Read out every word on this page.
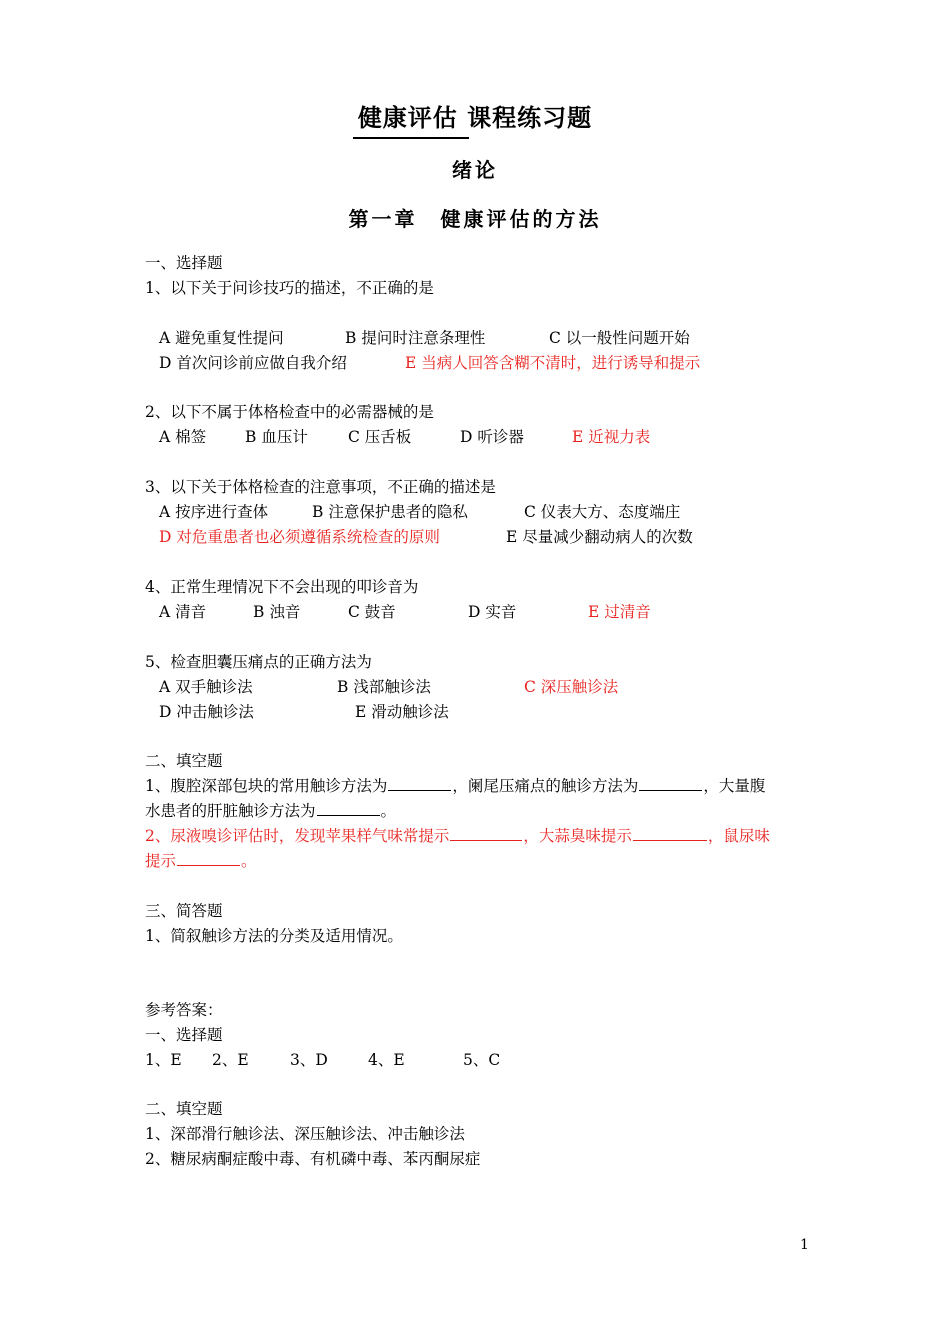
健康评估 课程练习题
绪论
第一章　健康评估的方法
一、选择题
1、以下关于问诊技巧的描述，不正确的是
A 避免重复性提问	B 提问时注意条理性	C 以一般性问题开始
D 首次问诊前应做自我介绍	E 当病人回答含糊不清时，进行诱导和提示
2、以下不属于体格检查中的必需器械的是
A 棉签	B 血压计	C 压舌板	D 听诊器	E 近视力表
3、以下关于体格检查的注意事项，不正确的描述是
A 按序进行查体	B 注意保护患者的隐私	C 仪表大方、态度端庄
D 对危重患者也必须遵循系统检查的原则	E 尽量减少翻动病人的次数
4、正常生理情况下不会出现的叩诊音为
A 清音	B 浊音	C 鼓音	D 实音	E 过清音
5、检查胆囊压痛点的正确方法为
A 双手触诊法	B 浅部触诊法	C 深压触诊法
D 冲击触诊法	E 滑动触诊法
二、填空题
1、腹腔深部包块的常用触诊方法为	，阑尾压痛点的触诊方法为	，大量腹
水患者的肝脏触诊方法为	。
2、尿液嗅诊评估时，发现苹果样气味常提示	，大蒜臭味提示	，鼠尿味
提示	。
三、简答题
1、简叙触诊方法的分类及适用情况。
参考答案：
一、选择题
1、E 2、E	3、D	4、E	5、C
二、填空题
1、深部滑行触诊法、深压触诊法、冲击触诊法
2、糖尿病酮症酸中毒、有机磷中毒、苯丙酮尿症
1
